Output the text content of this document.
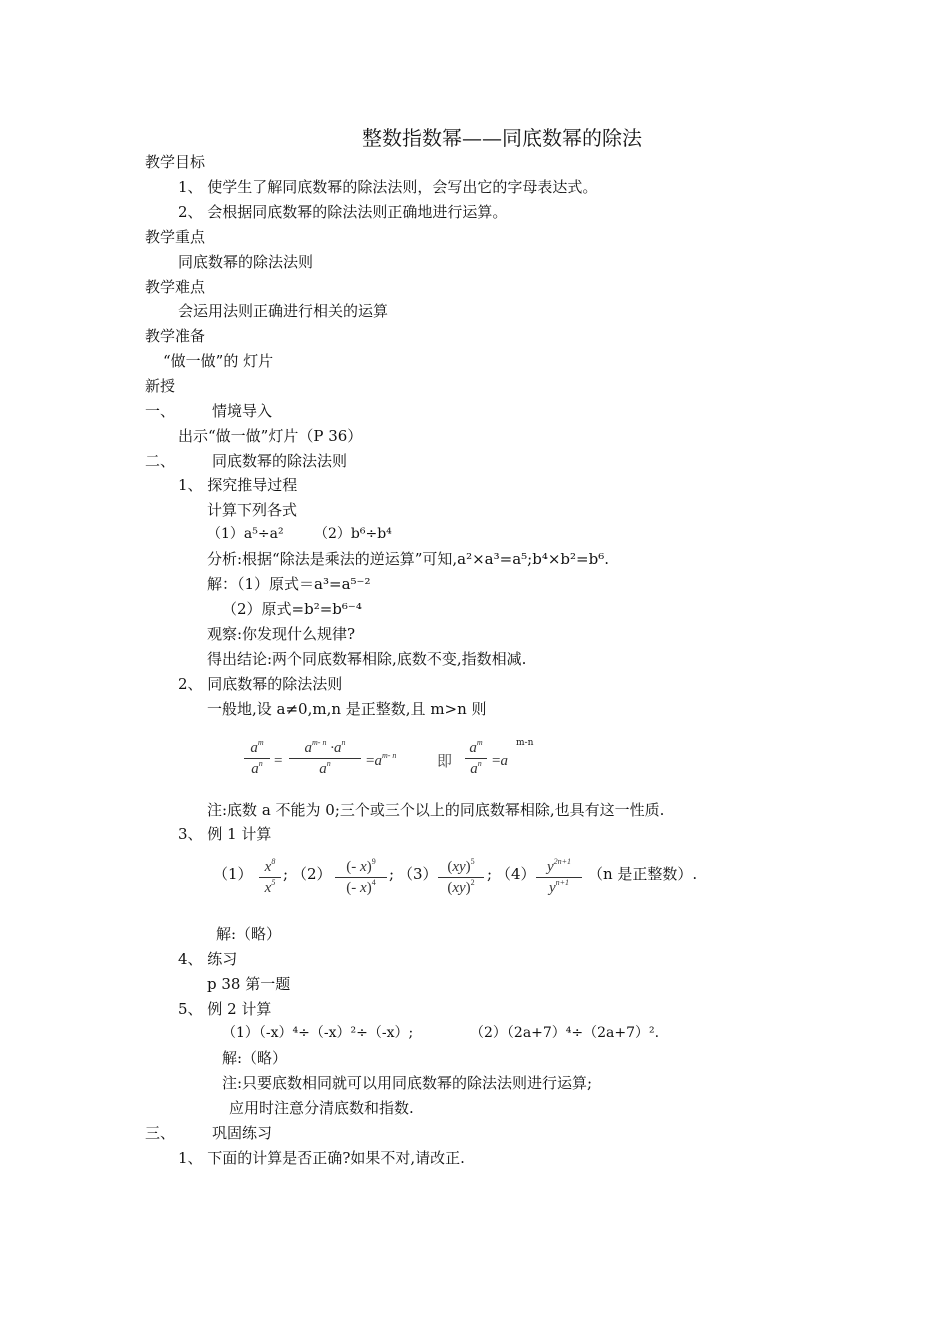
整数指数幂——同底数幂的除法
教学目标
1、 使学生了解同底数幂的除法法则，会写出它的字母表达式。
2、 会根据同底数幂的除法法则正确地进行运算。
教学重点
同底数幂的除法法则
教学难点
会运用法则正确进行相关的运算
教学准备
“做一做”的 灯片
新授
一、 情境导入
出示“做一做”灯片（P 36）
二、 同底数幂的除法法则
1、 探究推导过程
计算下列各式
（1）a⁵÷a² （2）b⁶÷b⁴
分析:根据“除法是乘法的逆运算”可知,a²×a³=a⁵;b⁴×b²=b⁶.
解：（1）原式＝a³=a⁵⁻²
（2）原式=b²=b⁶⁻⁴
观察:你发现什么规律?
得出结论:两个同底数幂相除,底数不变,指数相减.
2、 同底数幂的除法法则
一般地,设 a≠0,m,n 是正整数,且 m>n 则
$a^m$
$a^n$ =
$a^{m- n} \cdot a^n$
$a^n$	$=a^{m- n}$	即
$a^m$
$a^n =a$
m-n
注:底数 a 不能为 0;三个或三个以上的同底数幂相除,也具有这一性质.
3、 例 1 计算
（1） $x^8$
$x^5$ ; （2） (- x)$^9$
(- x)$^4$ ; （3） (xy)$^5$
(xy)$^2$ ; （4） $y^{2n+1}$
$y^{n+1}$	（n 是正整数）.
解:（略）
4、 练习
p 38 第一题
5、 例 2 计算
（1）（-x）⁴÷（-x）²÷（-x）;	（2）（2a+7）⁴÷（2a+7）².
解:（略）
注:只要底数相同就可以用同底数幂的除法法则进行运算;
应用时注意分清底数和指数.
三、 巩固练习
1、 下面的计算是否正确?如果不对,请改正.
